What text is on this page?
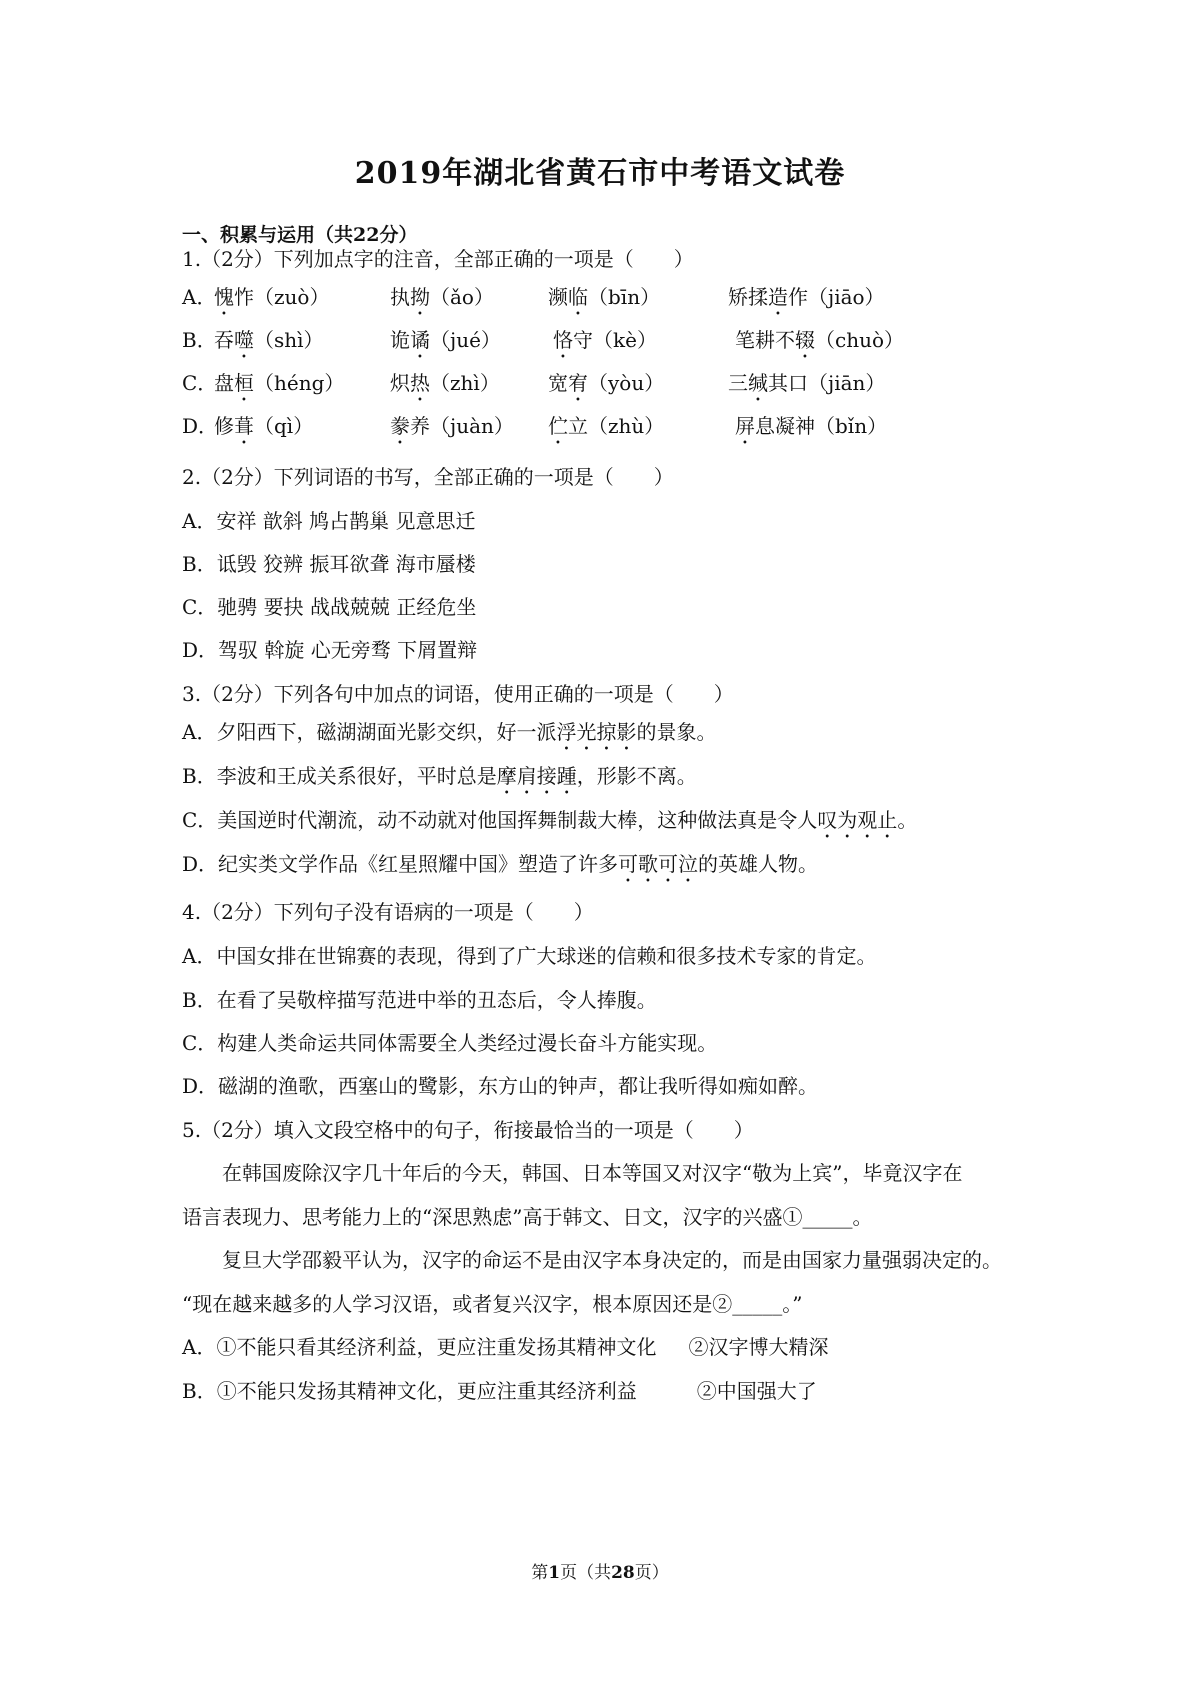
2019年湖北省黄石市中考语文试卷
一、积累与运用（共22分）
1.（2分）下列加点字的注音，全部正确的一项是（　　）
A．
愧怍（zuò）	执拗（ǎo）	濒临（bīn）	矫揉造作（jiāo）
B．
吞噬（shì）	诡谲（jué）	恪守（kè）	笔耕不辍（chuò）
C．
盘桓（héng） 炽热（zhì） 宽宥（yòu）	三缄其口（jiān）
D．
修葺（qì）	豢养（juàn） 伫立（zhù）	屏息凝神（bǐn）
2.（2分）下列词语的书写，全部正确的一项是（　　）
A．安祥 歆斜 鸠占鹊巢 见意思迁
B．诋毁 狡辨 振耳欲聋 海市蜃楼
C．驰骋 要抉 战战兢兢 正经危坐
D．驾驭 斡旋 心无旁骛 下屑置辩
3.（2分）下列各句中加点的词语，使用正确的一项是（　　）
A．夕阳西下，磁湖湖面光影交织，好一派浮光掠影的景象。
B．李波和王成关系很好，平时总是摩肩接踵，形影不离。
C．美国逆时代潮流，动不动就对他国挥舞制裁大棒，这种做法真是令人叹为观止。
D．纪实类文学作品《红星照耀中国》塑造了许多可歌可泣的英雄人物。
4.（2分）下列句子没有语病的一项是（　　）
A．中国女排在世锦赛的表现，得到了广大球迷的信赖和很多技术专家的肯定。
B．在看了吴敬梓描写范进中举的丑态后，令人捧腹。
C．构建人类命运共同体需要全人类经过漫长奋斗方能实现。
D．磁湖的渔歌，西塞山的鹭影，东方山的钟声，都让我听得如痴如醉。
5.（2分）填入文段空格中的句子，衔接最恰当的一项是（　　）
　　在韩国废除汉字几十年后的今天，韩国、日本等国又对汉字“敬为上宾”，毕竟汉字在
语言表现力、思考能力上的“深思熟虑”高于韩文、日文，汉字的兴盛①_____。
　　复旦大学邵毅平认为，汉字的命运不是由汉字本身决定的，而是由国家力量强弱决定的。
“现在越来越多的人学习汉语，或者复兴汉字，根本原因还是②_____。”
A．①不能只看其经济利益，更应注重发扬其精神文化 ②汉字博大精深
B．①不能只发扬其精神文化，更应注重其经济利益	②中国强大了
第1页（共28页）
